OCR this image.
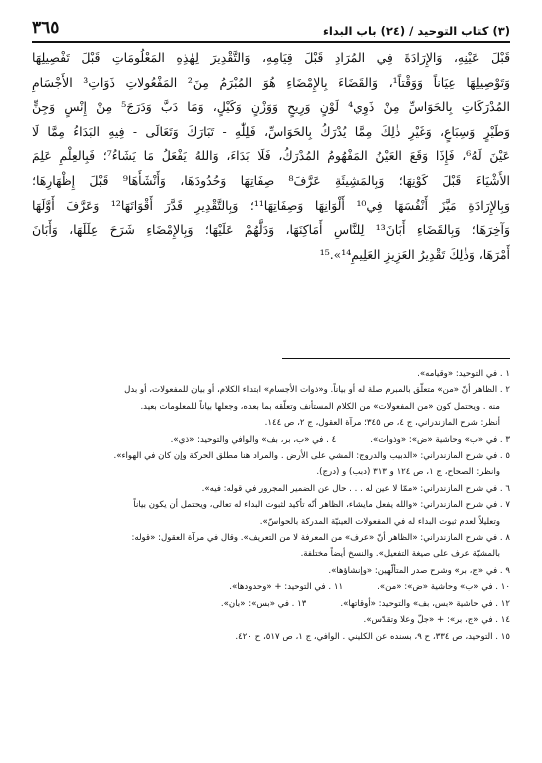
(٣) كتاب التوحيد / (٢٤) باب البداء
٣٦٥
قَبْلَ عَيْنِهِ، وَالإِرَادَةَ فِي المُرَادِ قَبْلَ قِيَامِهِ، وَالتَّقْدِيرَ لِهٰذِهِ المَعْلُومَاتِ قَبْلَ تَفْصِيلِهَا
وَتَوْصِيلِهَا عِيَاناً وَوَقْتاً¹، وَالقَضَاءَ بِالإِمْضَاءِ هُوَ المُبْرَمُ مِنَ² المَفْعُولاتِ ذَوَاتِ³ الأَجْسَامِ
المُدْرَكَاتِ بِالحَوَاسِّ مِنْ ذَوِي⁴ لَوْنٍ وَرِيحٍ وَوَزْنٍ وَكَيْلٍ، وَمَا دَبَّ وَدَرَجَ⁵ مِنْ إِنْسٍ وَجِنٍّ
وَطَيْرٍ وَسِبَاعٍ، وَغَيْرِ ذٰلِكَ مِمَّا يُدْرَكُ بِالحَوَاسِّ، فَلِلّٰهِ - تَبَارَكَ وَتَعَالَى - فِيهِ البَدَاءُ مِمَّا لَا
عَيْنَ لَهُ⁶، فَإِذَا وَقَعَ العَيْنُ المَفْهُومُ المُدْرَكُ، فَلَا بَدَاءَ، وَاللهُ يَفْعَلُ مَا يَشَاءُ⁷؛ فَبِالعِلْمِ عَلِمَ
الأَشْيَاءَ قَبْلَ كَوْنِهَا؛ وَبِالمَشِيئَةِ عَرَّفَ⁸ صِفَاتِهَا وَحُدُودَهَا، وَأَنْشَأَهَا⁹ قَبْلَ إِظْهَارِهَا؛
وَبِالإِرَادَةِ مَيَّزَ أَنْفُسَهَا فِي¹⁰ أَلْوَانِهَا وَصِفَاتِهَا¹¹؛ وَبِالتَّقْدِيرِ قَدَّرَ أَقْوَاتَهَا¹² وَعَرَّفَ أَوَّلَهَا
وَآخِرَهَا؛ وَبِالقَضَاءِ أَبَانَ¹³ لِلنَّاسِ أَمَاكِنَهَا، وَدَلَّهُمْ عَلَيْهَا؛ وَبِالإِمْضَاءِ شَرَحَ عِلَلَهَا، وَأَبَانَ
أَمْرَهَا، وَذٰلِكَ تَقْدِيرُ العَزِيزِ العَلِيمِ¹⁴».¹⁵
١ . في التوحيد: «وقيامه».
٢ . الظاهر أنّ «من» متعلّق بالمبرم صلة له أو بياناً. و«ذوات الأجسام» ابتداء الكلام، أو بيان للمفعولات، أو بدل
منه . ويحتمل كون «من المفعولات» من الكلام المستأنف وتعلّقه بما بعده، وجعلها بياناً للمعلومات بعيد.
أنظر: شرح المازندراني، ج ٤، ص ٣٤٥؛ مرآة العقول، ج ٢، ص ١٤٤.
٣ . في «ب» وحاشية «ض»: «وذوات».
٤ . في «ب، بر، بف» والوافي والتوحيد: «ذي».
٥ . في شرح المازندراني: «الدبيب والدروج: المشي على الأرض . والمراد هنا مطلق الحركة وإن كان في الهواء».
وانظر: الصحاح، ج ١، ص ١٢٤ و ٣١٣ (دبب) و (درج).
٦ . في شرح المازندراني: «ممّا لا عين له . . . حال عن الضمير المجرور في قوله: فيه».
٧ . في شرح المازندراني: «والله يفعل مايشاء، الظاهر أنّه تأكيد لثبوت البداء له تعالى، ويحتمل أن يكون بياناً
وتعليلاً لعدم ثبوت البداء له في المفعولات العينيّة المدركة بالحواسّ».
٨ . في شرح المازندراني: «الظاهر أنّ «عرف» من المعرفة لا من التعريف». وقال في مرآة العقول: «قوله:
بالمشيّة عرف على صيغة التفعيل». والنسخ أيضاً مختلفة.
٩ . في «ج، بر» وشرح صدر المتألّهين: «وإنشاؤها».
١٠ . في «ب» وحاشية «ض»: «من».
١١ . في التوحيد: + «وحدودها».
١٢ . في حاشية «بس، بف» والتوحيد: «أوقاتها».
١٣ . في «بس»: «بان».
١٤ . في «ج، بر»: + «جلّ وعلا وتقدّس».
١٥ . التوحيد، ص ٣٣٤، ح ٩، بسنده عن الكليني . الوافي، ج ١، ص ٥١٧، ح ٤٢٠.
